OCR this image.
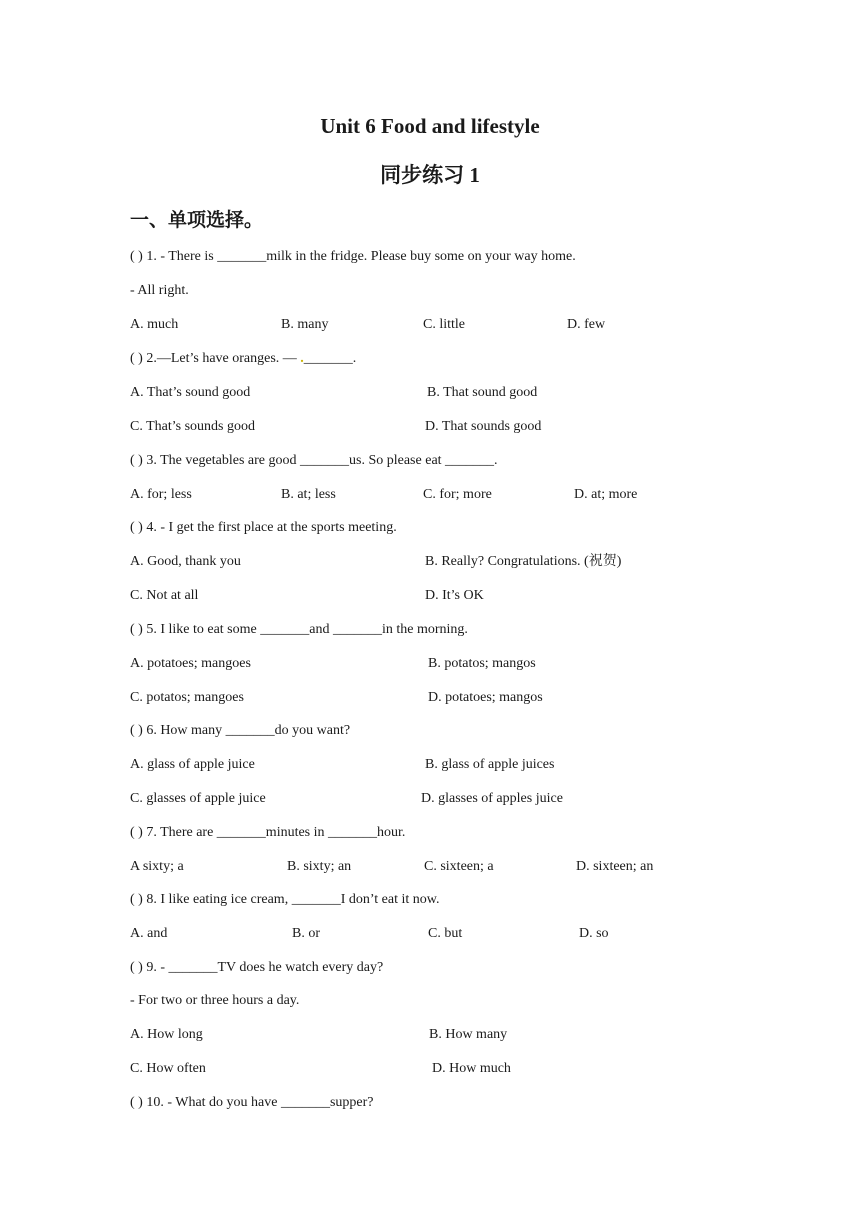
Unit 6 Food and lifestyle
同步练习 1
一、单项选择。
( ) 1. - There is _______milk in the fridge. Please buy some on your way home.
- All right.
A. much	B. many	C. little	D. few
( ) 2.—Let’s have oranges. — ._______.
A. That’s sound good	B. That sound good
C. That’s sounds good	D. That sounds good
( ) 3. The vegetables are good _______us. So please eat _______.
A. for; less	B. at; less	C. for; more	D. at; more
( ) 4. - I get the first place at the sports meeting.
A. Good, thank you	B. Really? Congratulations. (祝贺)
C. Not at all	D. It’s OK
( ) 5. I like to eat some _______and _______in the morning.
A. potatoes; mangoes	B. potatos; mangos
C. potatos; mangoes	D. potatoes; mangos
( ) 6. How many _______do you want?
A. glass of apple juice	B. glass of apple juices
C. glasses of apple juice	D. glasses of apples juice
( ) 7. There are _______minutes in _______hour.
A sixty; a	B. sixty; an	C. sixteen; a	D. sixteen; an
( ) 8. I like eating ice cream, _______I don’t eat it now.
A. and	B. or	C. but	D. so
( ) 9. - _______TV does he watch every day?
- For two or three hours a day.
A. How long	B. How many
C. How often	D. How much
( ) 10. - What do you have _______supper?
